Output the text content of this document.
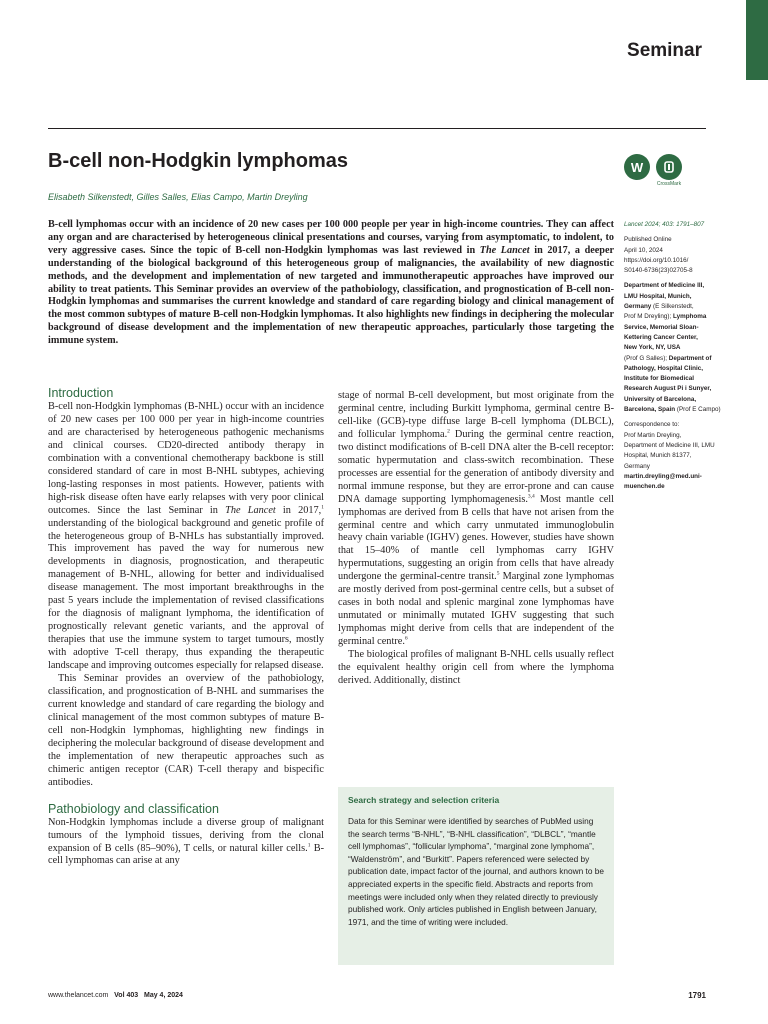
Seminar
B-cell non-Hodgkin lymphomas	W
CrossMark
Elisabeth Silkenstedt, Gilles Salles, Elias Campo, Martin Dreyling

B-cell lymphomas occur with an incidence of 20 new cases per 100 000 people per year in high-income countries. They can affect any organ and are characterised by heterogeneous clinical presentations and courses, varying from asymptomatic, to indolent, to very aggressive cases. Since the topic of B-cell non-Hodgkin lymphomas was last reviewed in The Lancet in 2017, a deeper understanding of the biological background of this heterogeneous group of malignancies, the availability of new diagnostic methods, and the development and implementation of new targeted and immunotherapeutic approaches have improved our ability to treat patients. This Seminar provides an overview of the pathobiology, classification, and prognostication of B-cell non-Hodgkin lymphomas and summarises the current knowledge and standard of care regarding biology and clinical management of the most common subtypes of mature B-cell non-Hodgkin lymphomas. It also highlights new findings in deciphering the molecular background of disease development and the implementation of new therapeutic approaches, particularly those targeting the immune system.

Introduction

B-cell non-Hodgkin lymphomas (B-NHL) occur with an incidence of 20 new cases per 100 000 per year in high-income countries and are characterised by heterogeneous pathogenic mechanisms and clinical courses. CD20-directed antibody therapy in combination with a conventional chemotherapy backbone is still considered standard of care in most B-NHL subtypes, achieving long-lasting responses in most patients. However, patients with high-risk disease often have early relapses with very poor clinical outcomes. Since the last Seminar in The Lancet in 2017,$^1$ understanding of the biological background and genetic profile of the heterogeneous group of B-NHLs has substantially improved. This improvement has paved the way for numerous new developments in diagnosis, prognostication, and therapeutic management of B-NHL, allowing for better and individualised disease management. The most important breakthroughs in the past 5 years include the implementation of revised classifications for the diagnosis of malignant lymphoma, the identification of prognostically relevant genetic variants, and the approval of therapies that use the immune system to target tumours, mostly with adoptive T-cell therapy, thus expanding the therapeutic landscape and improving outcomes especially for relapsed disease.

This Seminar provides an overview of the pathobiology, classification, and prognostication of B-NHL and summarises the current knowledge and standard of care regarding the biology and clinical management of the most common subtypes of mature B-cell non-Hodgkin lymphomas, highlighting new findings in deciphering the molecular background of disease development and the implementation of new therapeutic approaches such as chimeric antigen receptor (CAR) T-cell therapy and bispecific antibodies.

Pathobiology and classification

Non-Hodgkin lymphomas include a diverse group of malignant tumours of the lymphoid tissues, deriving from the clonal expansion of B cells (85–90%), T cells, or natural killer cells.$^1$ B-cell lymphomas can arise at any

stage of normal B-cell development, but most originate from the germinal centre, including Burkitt lymphoma, germinal centre B-cell-like (GCB)-type diffuse large B-cell lymphoma (DLBCL), and follicular lymphoma.$^2$ During the germinal centre reaction, two distinct modifications of B-cell DNA alter the B-cell receptor: somatic hypermutation and class-switch recombination. These processes are essential for the generation of antibody diversity and normal immune response, but they are error-prone and can cause DNA damage supporting lymphomagenesis.$^{3,4}$ Most mantle cell lymphomas are derived from B cells that have not arisen from the germinal centre and which carry unmutated immunoglobulin heavy chain variable (IGHV) genes. However, studies have shown that 15–40% of mantle cell lymphomas carry IGHV hypermutations, suggesting an origin from cells that have already undergone the germinal-centre transit.$^5$ Marginal zone lymphomas are mostly derived from post-germinal centre cells, but a subset of cases in both nodal and splenic marginal zone lymphomas have unmutated or minimally mutated IGHV suggesting that such lymphomas might derive from cells that are independent of the germinal centre.$^6$

The biological profiles of malignant B-NHL cells usually reflect the equivalent healthy origin cell from where the lymphoma derived. Additionally, distinct

Search strategy and selection criteria

Data for this Seminar were identified by searches of PubMed using the search terms “B-NHL”, “B-NHL classification”, “DLBCL”, “mantle cell lymphomas”, “follicular lymphoma”, “marginal zone lymphoma”, “Waldenström”, and “Burkitt”. Papers referenced were selected by publication date, impact factor of the journal, and authors known to be appreciated experts in the specific field. Abstracts and reports from meetings were included only when they related directly to previously published work. Only articles published in English between January, 1971, and the time of writing were included.

Lancet 2024; 403: 1791–807
Published Online
April 10, 2024
https://doi.org/10.1016/
S0140-6736(23)02705-8
Department of Medicine III,
LMU Hospital, Munich,
Germany (E Silkenstedt,
Prof M Dreyling); Lymphoma
Service, Memorial Sloan-
Kettering Cancer Center,
New York, NY, USA
(Prof G Salles); Department of
Pathology, Hospital Clinic,
Institute for Biomedical
Research August Pi i Sunyer,
University of Barcelona,
Barcelona, Spain (Prof E Campo)
Correspondence to:
Prof Martin Dreyling,
Department of Medicine III, LMU
Hospital, Munich 81377,
Germany
martin.dreyling@med.uni-
muenchen.de
www.thelancet.com Vol 403 May 4, 2024	1791
